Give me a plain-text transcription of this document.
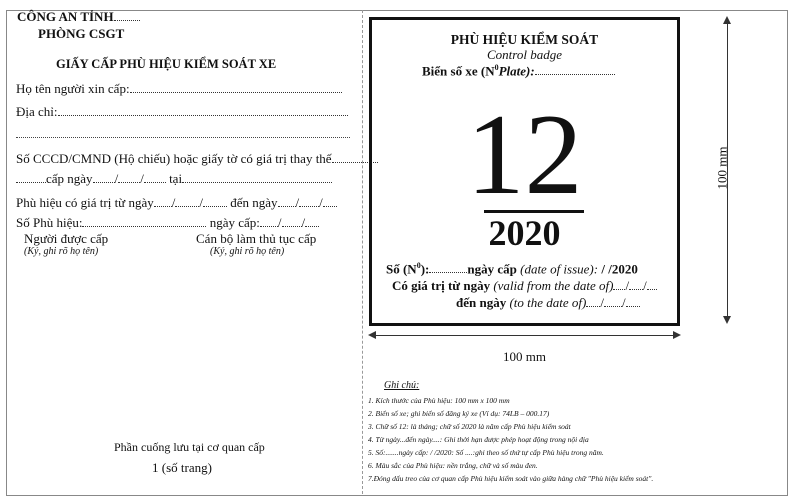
CÔNG AN TỈNH
PHÒNG CSGT
GIẤY CẤP PHÙ HIỆU KIỂM SOÁT XE
Họ tên người xin cấp:
Địa chỉ:
Số CCCD/CMND (Hộ chiếu) hoặc giấy tờ có giá trị thay thế
cấp ngày / / tại
Phù hiệu có giá trị từ ngày / / đến ngày / /
Số Phù hiệu:	ngày cấp: / /
Người được cấp
(Ký, ghi rõ họ tên)
Cán bộ làm thủ tục cấp
(Ký, ghi rõ họ tên)
Phần cuống lưu tại cơ quan cấp
1 (số trang)
PHÙ HIỆU KIỂM SOÁT
Control badge
Biển số xe $(N^0Plate)$:
12
2020
Số $(N^0)$:	ngày cấp (date of issue): / /2020
Có giá trị từ ngày (valid from the date of) / /
đến ngày (to the date of) / /
100 mm
100 mm
Ghi chú:
1. Kích thước của Phù hiệu: 100 mm x 100 mm
2. Biển số xe; ghi biển số đăng ký xe (Ví dụ: 74LB – 000.17)
3. Chữ số 12: là tháng; chữ số 2020 là năm cấp Phù hiệu kiểm soát
4. Từ ngày...đến ngày....: Ghi thời hạn được phép hoạt động trong nội địa
5. Số:.......ngày cấp: / /2020: Số ....:ghi theo số thứ tự cấp Phù hiệu trong năm.
6. Màu sắc của Phù hiệu: nền trắng, chữ và số màu đen.
7.Đóng dấu treo của cơ quan cấp Phù hiệu kiểm soát vào giữa hàng chữ "Phù hiệu kiểm soát".
